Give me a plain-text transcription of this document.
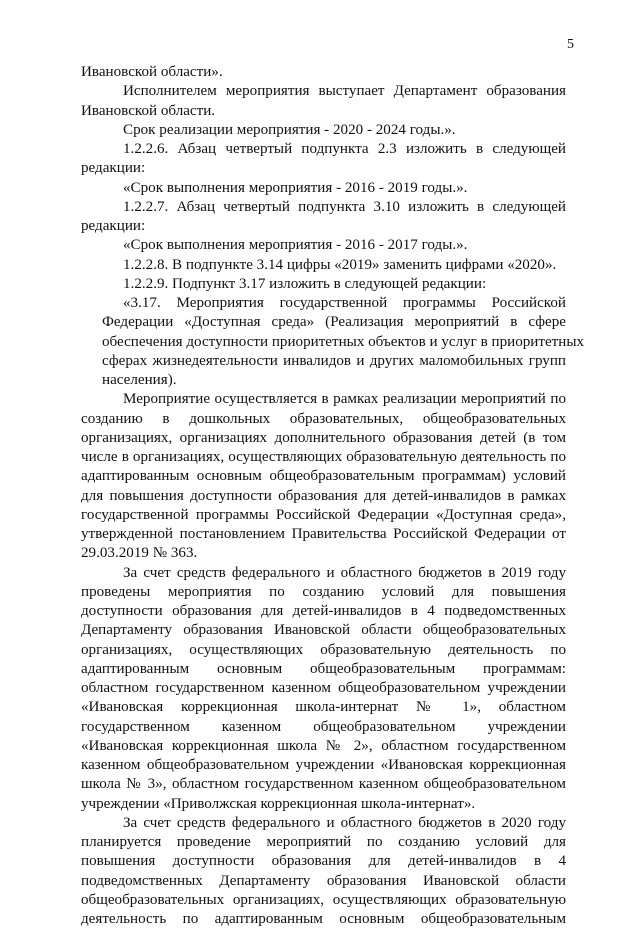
5
Ивановской области».
Исполнителем мероприятия выступает Департамент образования
Ивановской области.
Срок реализации мероприятия - 2020 - 2024 годы.».
1.2.2.6. Абзац четвертый подпункта 2.3 изложить в следующей
редакции:
«Срок выполнения мероприятия - 2016 - 2019 годы.».
1.2.2.7. Абзац четвертый подпункта 3.10 изложить в следующей
редакции:
«Срок выполнения мероприятия - 2016 - 2017 годы.».
1.2.2.8. В подпункте 3.14 цифры «2019» заменить цифрами «2020».
1.2.2.9. Подпункт 3.17 изложить в следующей редакции:
«3.17. Мероприятия государственной программы Российской
Федерации «Доступная среда» (Реализация мероприятий в сфере
обеспечения доступности приоритетных объектов и услуг в приоритетных
сферах жизнедеятельности инвалидов и других маломобильных групп
населения).
Мероприятие осуществляется в рамках реализации мероприятий по
созданию в дошкольных образовательных, общеобразовательных
организациях, организациях дополнительного образования детей (в том
числе в организациях, осуществляющих образовательную деятельность по
адаптированным основным общеобразовательным программам) условий
для повышения доступности образования для детей-инвалидов в рамках
государственной программы Российской Федерации «Доступная среда»,
утвержденной постановлением Правительства Российской Федерации от
29.03.2019 № 363.
За счет средств федерального и областного бюджетов в 2019 году
проведены мероприятия по созданию условий для повышения
доступности образования для детей-инвалидов в 4 подведомственных
Департаменту образования Ивановской области общеобразовательных
организациях, осуществляющих образовательную деятельность по
адаптированным основным общеобразовательным программам:
областном государственном казенном общеобразовательном учреждении
«Ивановская коррекционная школа-интернат № 1», областном
государственном казенном общеобразовательном учреждении
«Ивановская коррекционная школа № 2», областном государственном
казенном общеобразовательном учреждении «Ивановская коррекционная
школа № 3», областном государственном казенном общеобразовательном
учреждении «Приволжская коррекционная школа-интернат».
За счет средств федерального и областного бюджетов в 2020 году
планируется проведение мероприятий по созданию условий для
повышения доступности образования для детей-инвалидов в 4
подведомственных Департаменту образования Ивановской области
общеобразовательных организациях, осуществляющих образовательную
деятельность по адаптированным основным общеобразовательным
